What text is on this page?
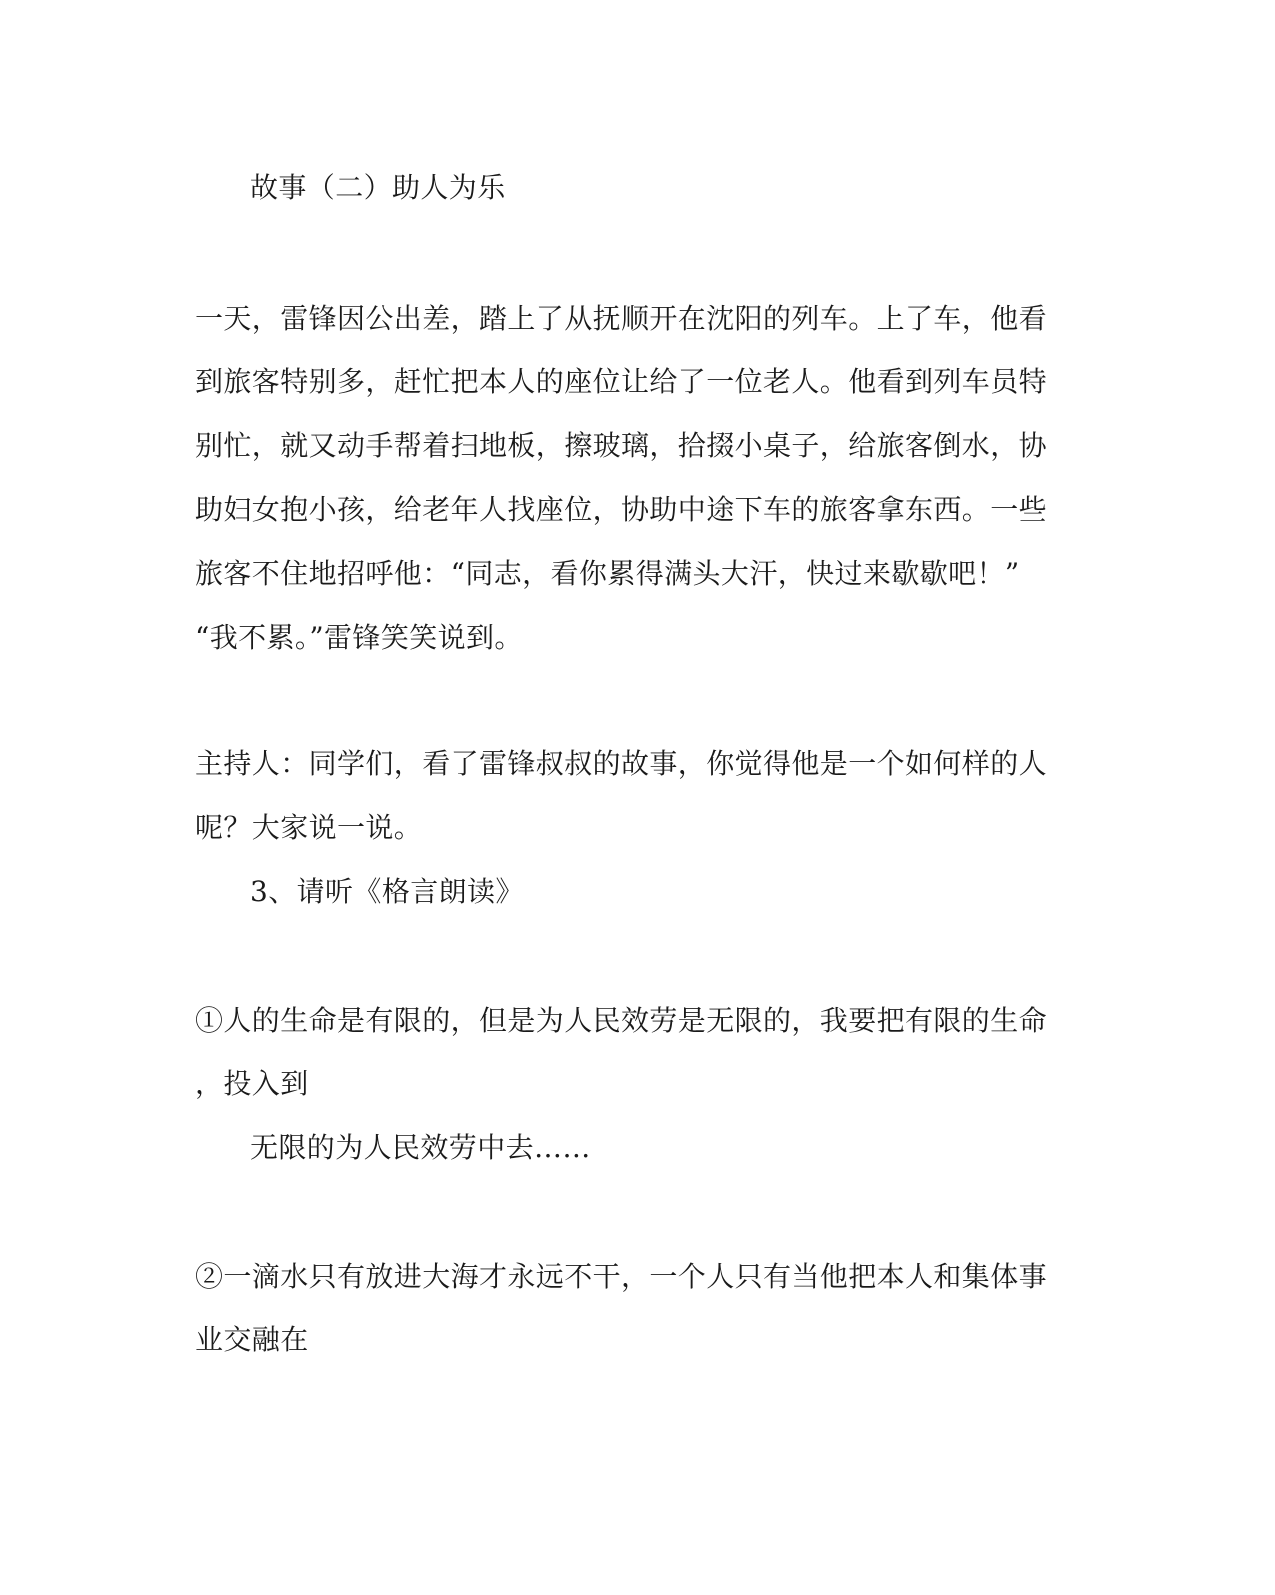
故事（二）助人为乐
一天，雷锋因公出差，踏上了从抚顺开在沈阳的列车。上了车，他看
到旅客特别多，赶忙把本人的座位让给了一位老人。他看到列车员特
别忙，就又动手帮着扫地板，擦玻璃，拾掇小桌子，给旅客倒水，协
助妇女抱小孩，给老年人找座位，协助中途下车的旅客拿东西。一些
旅客不住地招呼他：“同志，看你累得满头大汗，快过来歇歇吧！”
“我不累。”雷锋笑笑说到。
主持人：同学们，看了雷锋叔叔的故事，你觉得他是一个如何样的人
呢？大家说一说。
3、请听《格言朗读》
①人的生命是有限的，但是为人民效劳是无限的，我要把有限的生命
，投入到
无限的为人民效劳中去……
②一滴水只有放进大海才永远不干，一个人只有当他把本人和集体事
业交融在
